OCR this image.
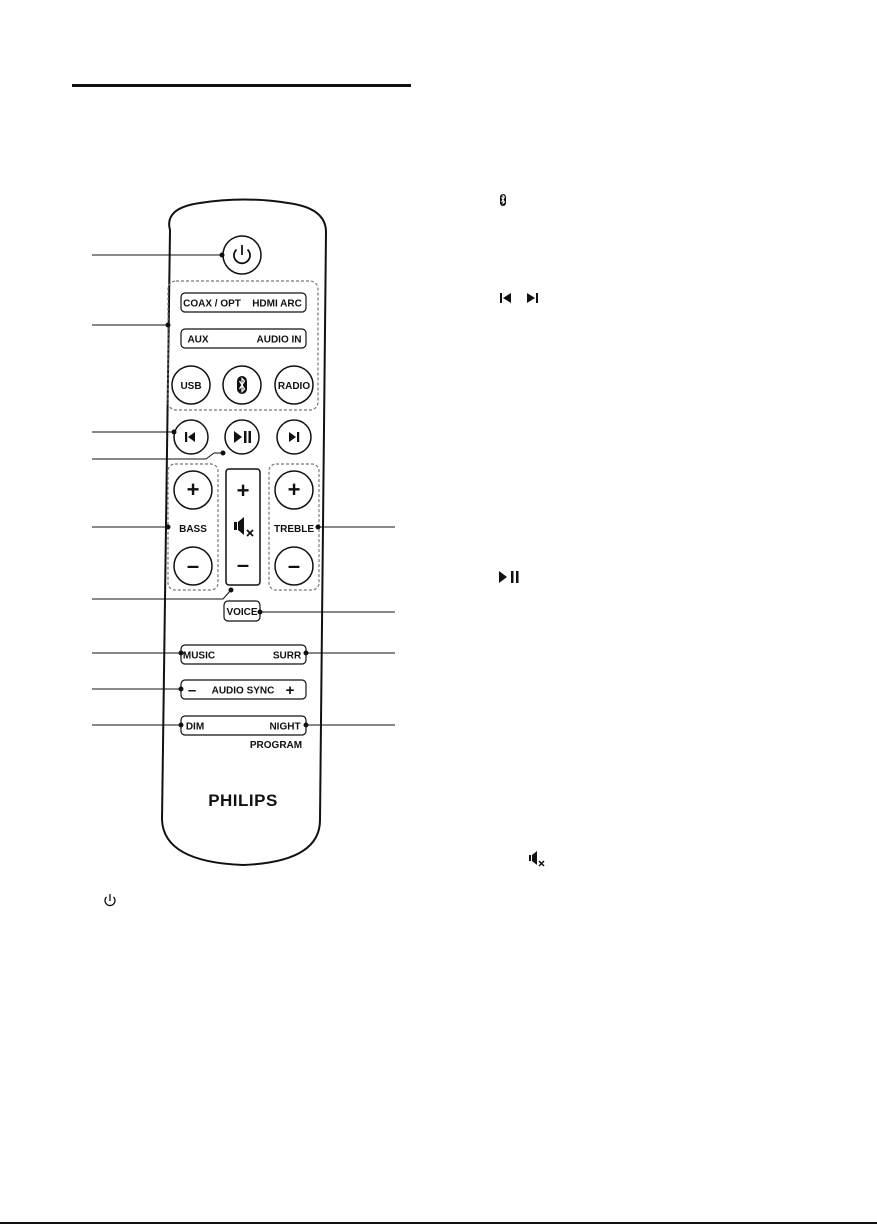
COAX / OPT HDMI ARC
AUX	AUDIO IN
USB	RADIO
+
BASS
–
+
–
+
TREBLE
–
VOICE
MUSIC	SURR
– AUDIO SYNC +
DIM	NIGHT
PROGRAM
PHILIPS
